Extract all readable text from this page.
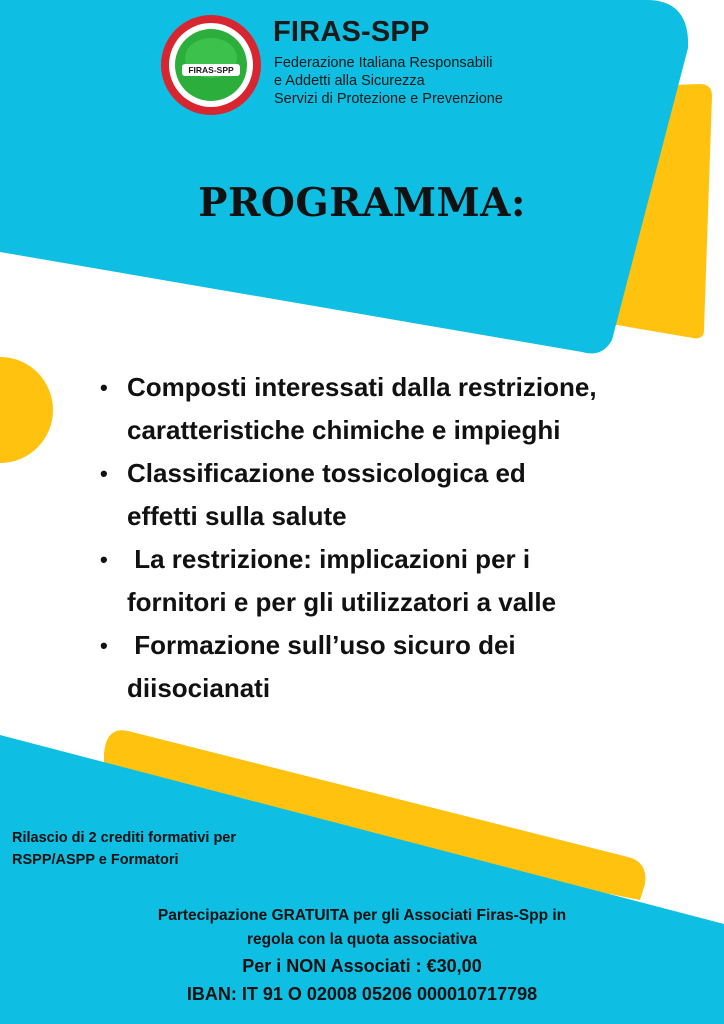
FIRAS-SPP
FIRAS-SPP
Federazione Italiana Responsabili
e Addetti alla Sicurezza
Servizi di Protezione e Prevenzione
PROGRAMMA:
• Composti interessati dalla restrizione,
caratteristiche chimiche e impieghi
• Classificazione tossicologica ed
effetti sulla salute
• La restrizione: implicazioni per i
fornitori e per gli utilizzatori a valle
• Formazione sull’uso sicuro dei
diisocianati
Rilascio di 2 crediti formativi per
RSPP/ASPP e Formatori
Partecipazione GRATUITA per gli Associati Firas-Spp in
regola con la quota associativa
Per i NON Associati : €30,00
IBAN: IT 91 O 02008 05206 000010717798
